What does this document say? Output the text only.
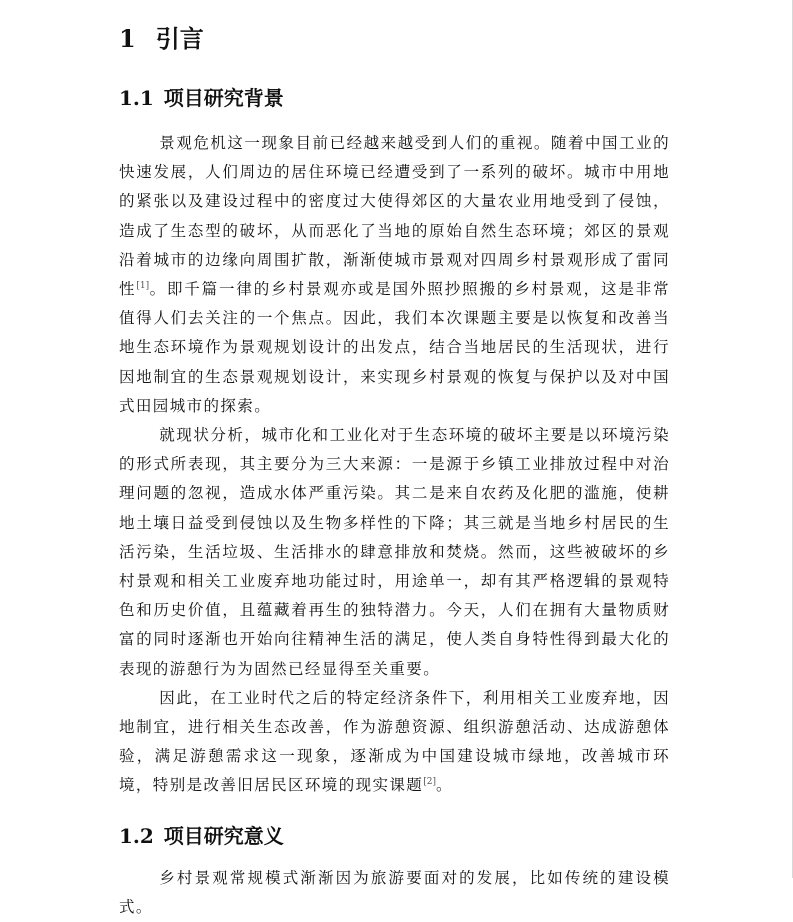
1 引言
1.1 项目研究背景

景观危机这一现象目前已经越来越受到人们的重视。随着中国工业的快速发展，人们周边的居住环境已经遭受到了一系列的破坏。城市中用地的紧张以及建设过程中的密度过大使得郊区的大量农业用地受到了侵蚀，造成了生态型的破坏，从而恶化了当地的原始自然生态环境；郊区的景观沿着城市的边缘向周围扩散，渐渐使城市景观对四周乡村景观形成了雷同性[1]。即千篇一律的乡村景观亦或是国外照抄照搬的乡村景观，这是非常值得人们去关注的一个焦点。因此，我们本次课题主要是以恢复和改善当地生态环境作为景观规划设计的出发点，结合当地居民的生活现状，进行因地制宜的生态景观规划设计，来实现乡村景观的恢复与保护以及对中国式田园城市的探索。

就现状分析，城市化和工业化对于生态环境的破坏主要是以环境污染的形式所表现，其主要分为三大来源：一是源于乡镇工业排放过程中对治理问题的忽视，造成水体严重污染。其二是来自农药及化肥的滥施，使耕地土壤日益受到侵蚀以及生物多样性的下降；其三就是当地乡村居民的生活污染，生活垃圾、生活排水的肆意排放和焚烧。然而，这些被破坏的乡村景观和相关工业废弃地功能过时，用途单一，却有其严格逻辑的景观特色和历史价值，且蕴藏着再生的独特潜力。今天，人们在拥有大量物质财富的同时逐渐也开始向往精神生活的满足，使人类自身特性得到最大化的表现的游憩行为为固然已经显得至关重要。

因此，在工业时代之后的特定经济条件下，利用相关工业废弃地，因地制宜，进行相关生态改善，作为游憩资源、组织游憩活动、达成游憩体验，满足游憩需求这一现象，逐渐成为中国建设城市绿地，改善城市环境，特别是改善旧居民区环境的现实课题[2]。

1.2 项目研究意义

乡村景观常规模式渐渐因为旅游要面对的发展，比如传统的建设模式。
